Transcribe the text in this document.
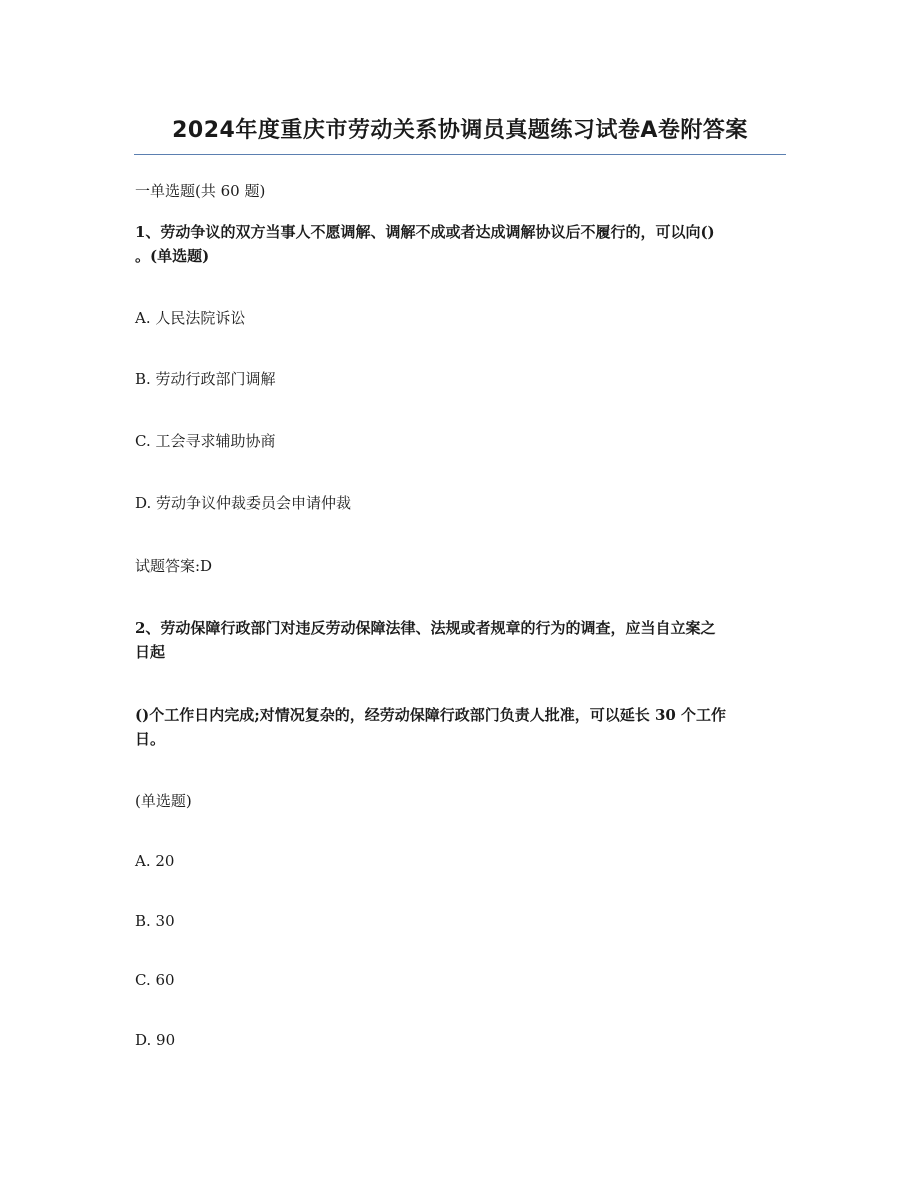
2024年度重庆市劳动关系协调员真题练习试卷A卷附答案
一单选题(共 60 题)
1、劳动争议的双方当事人不愿调解、调解不成或者达成调解协议后不履行的，可以向()
。(单选题)
A. 人民法院诉讼
B. 劳动行政部门调解
C. 工会寻求辅助协商
D. 劳动争议仲裁委员会申请仲裁
试题答案:D
2、劳动保障行政部门对违反劳动保障法律、法规或者规章的行为的调查，应当自立案之
日起
()个工作日内完成;对情况复杂的，经劳动保障行政部门负责人批准，可以延长 30 个工作
日。
(单选题)
A. 20
B. 30
C. 60
D. 90
